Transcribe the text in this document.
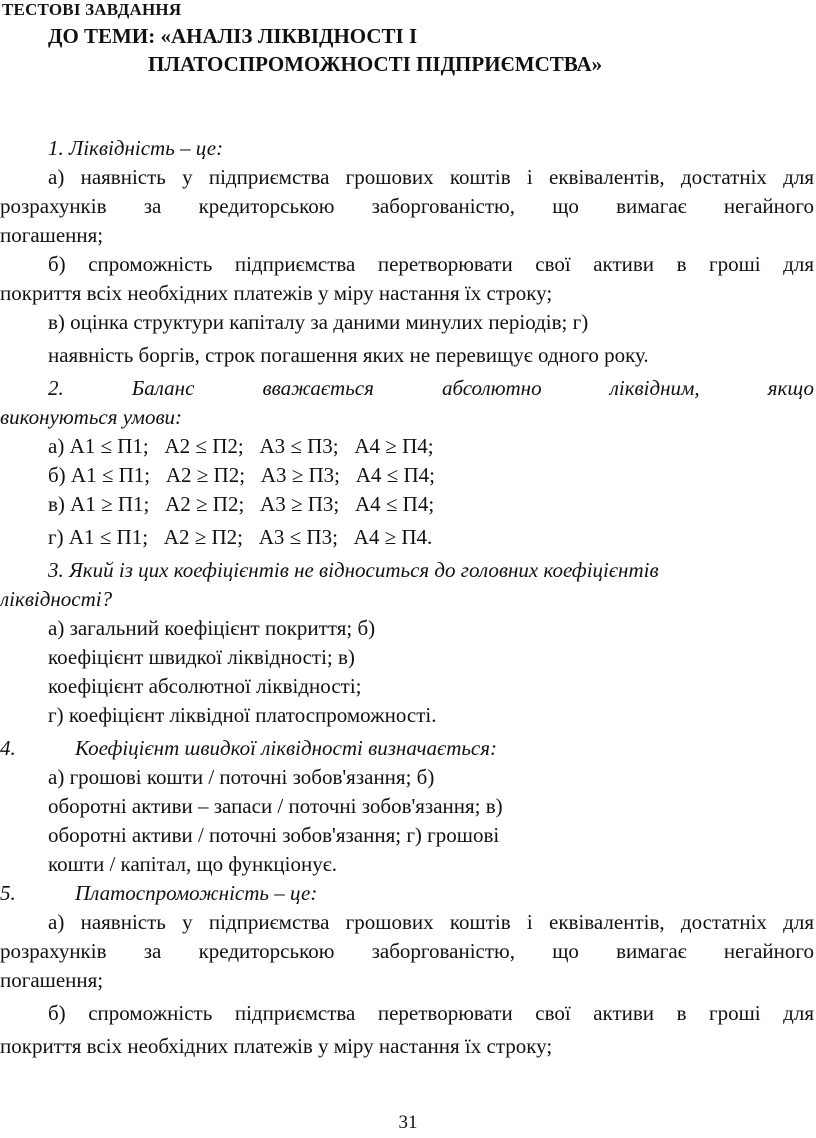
ТЕСТОВІ ЗАВДАННЯ
ДО ТЕМИ: «АНАЛІЗ ЛІКВІДНОСТІ І
ПЛАТОСПРОМОЖНОСТІ ПІДПРИЄМСТВА»

1. Ліквідність – це:

а) наявність у підприємства грошових коштів і еквівалентів, достатніх для

розрахунків за кредиторською заборгованістю, що вимагає негайного

погашення;

б) спроможність підприємства перетворювати свої активи в гроші для

покриття всіх необхідних платежів у міру настання їх строку;

в) оцінка структури капіталу за даними минулих періодів; г)

наявність боргів, строк погашення яких не перевищує одного року.

2. Баланс вважається абсолютно ліквідним, якщо

виконуються умови:

а) А1 ≤ П1;   А2 ≤ П2;   А3 ≤ П3;   А4 ≥ П4;

б) А1 ≤ П1;   А2 ≥ П2;   А3 ≥ П3;   А4 ≤ П4;

в) А1 ≥ П1;   А2 ≥ П2;   А3 ≥ П3;   А4 ≤ П4;

г) А1 ≤ П1;   А2 ≥ П2;   А3 ≤ П3;   А4 ≥ П4.

3. Який із цих коефіцієнтів не відноситься до головних коефіцієнтів

ліквідності?

а) загальний коефіцієнт покриття; б)

коефіцієнт швидкої ліквідності; в)

коефіцієнт абсолютної ліквідності;

г) коефіцієнт ліквідної платоспроможності.

4.	Коефіцієнт швидкої ліквідності визначається:

а) грошові кошти / поточні зобов'язання; б)

оборотні активи – запаси / поточні зобов'язання; в)

оборотні активи / поточні зобов'язання; г) грошові

кошти / капітал, що функціонує.

5.	Платоспроможність – це:

а) наявність у підприємства грошових коштів і еквівалентів, достатніх для

розрахунків за кредиторською заборгованістю, що вимагає негайного

погашення;

б) спроможність підприємства перетворювати свої активи в гроші для

покриття всіх необхідних платежів у міру настання їх строку;

31
